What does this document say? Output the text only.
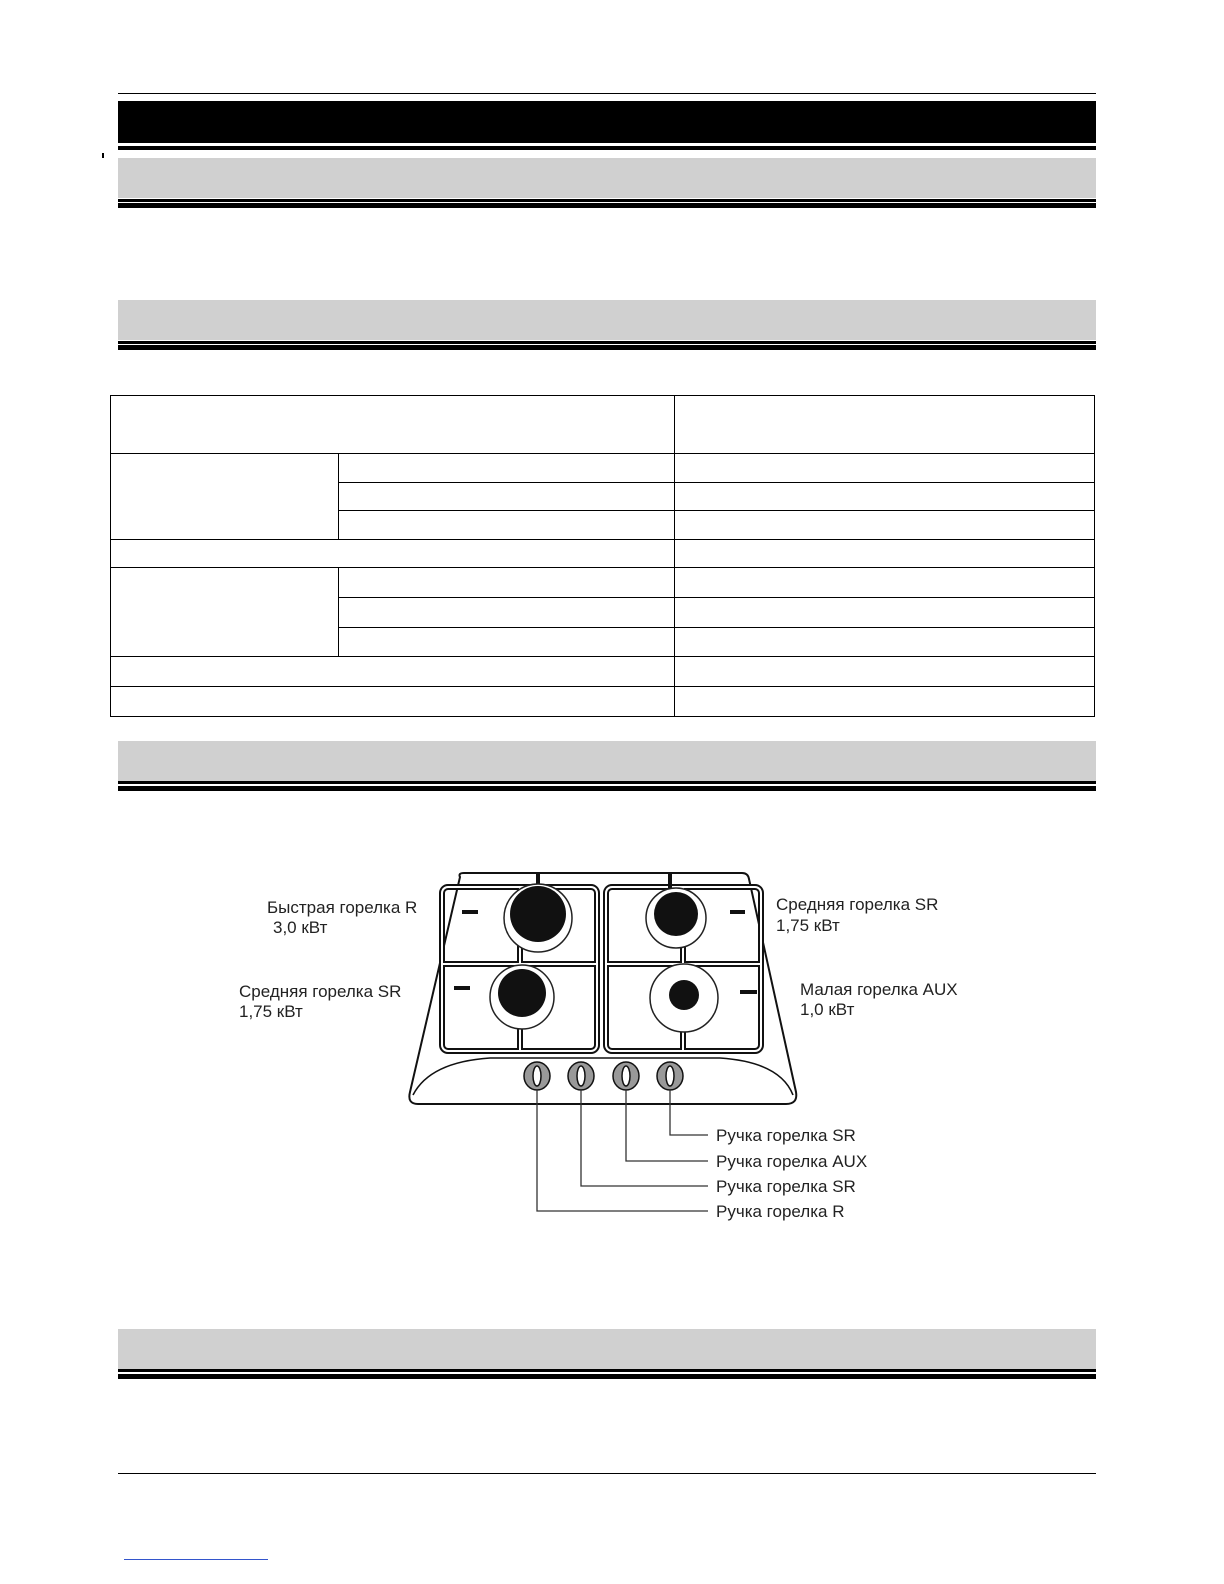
Быстрая горелка R
3,0 кВт
Средняя горелка SR
1,75 кВт
Средняя горелка SR
1,75 кВт
Малая горелка AUX
1,0 кВт
Ручка горелка SR
Ручка горелка AUX
Ручка горелка SR
Ручка горелка R
